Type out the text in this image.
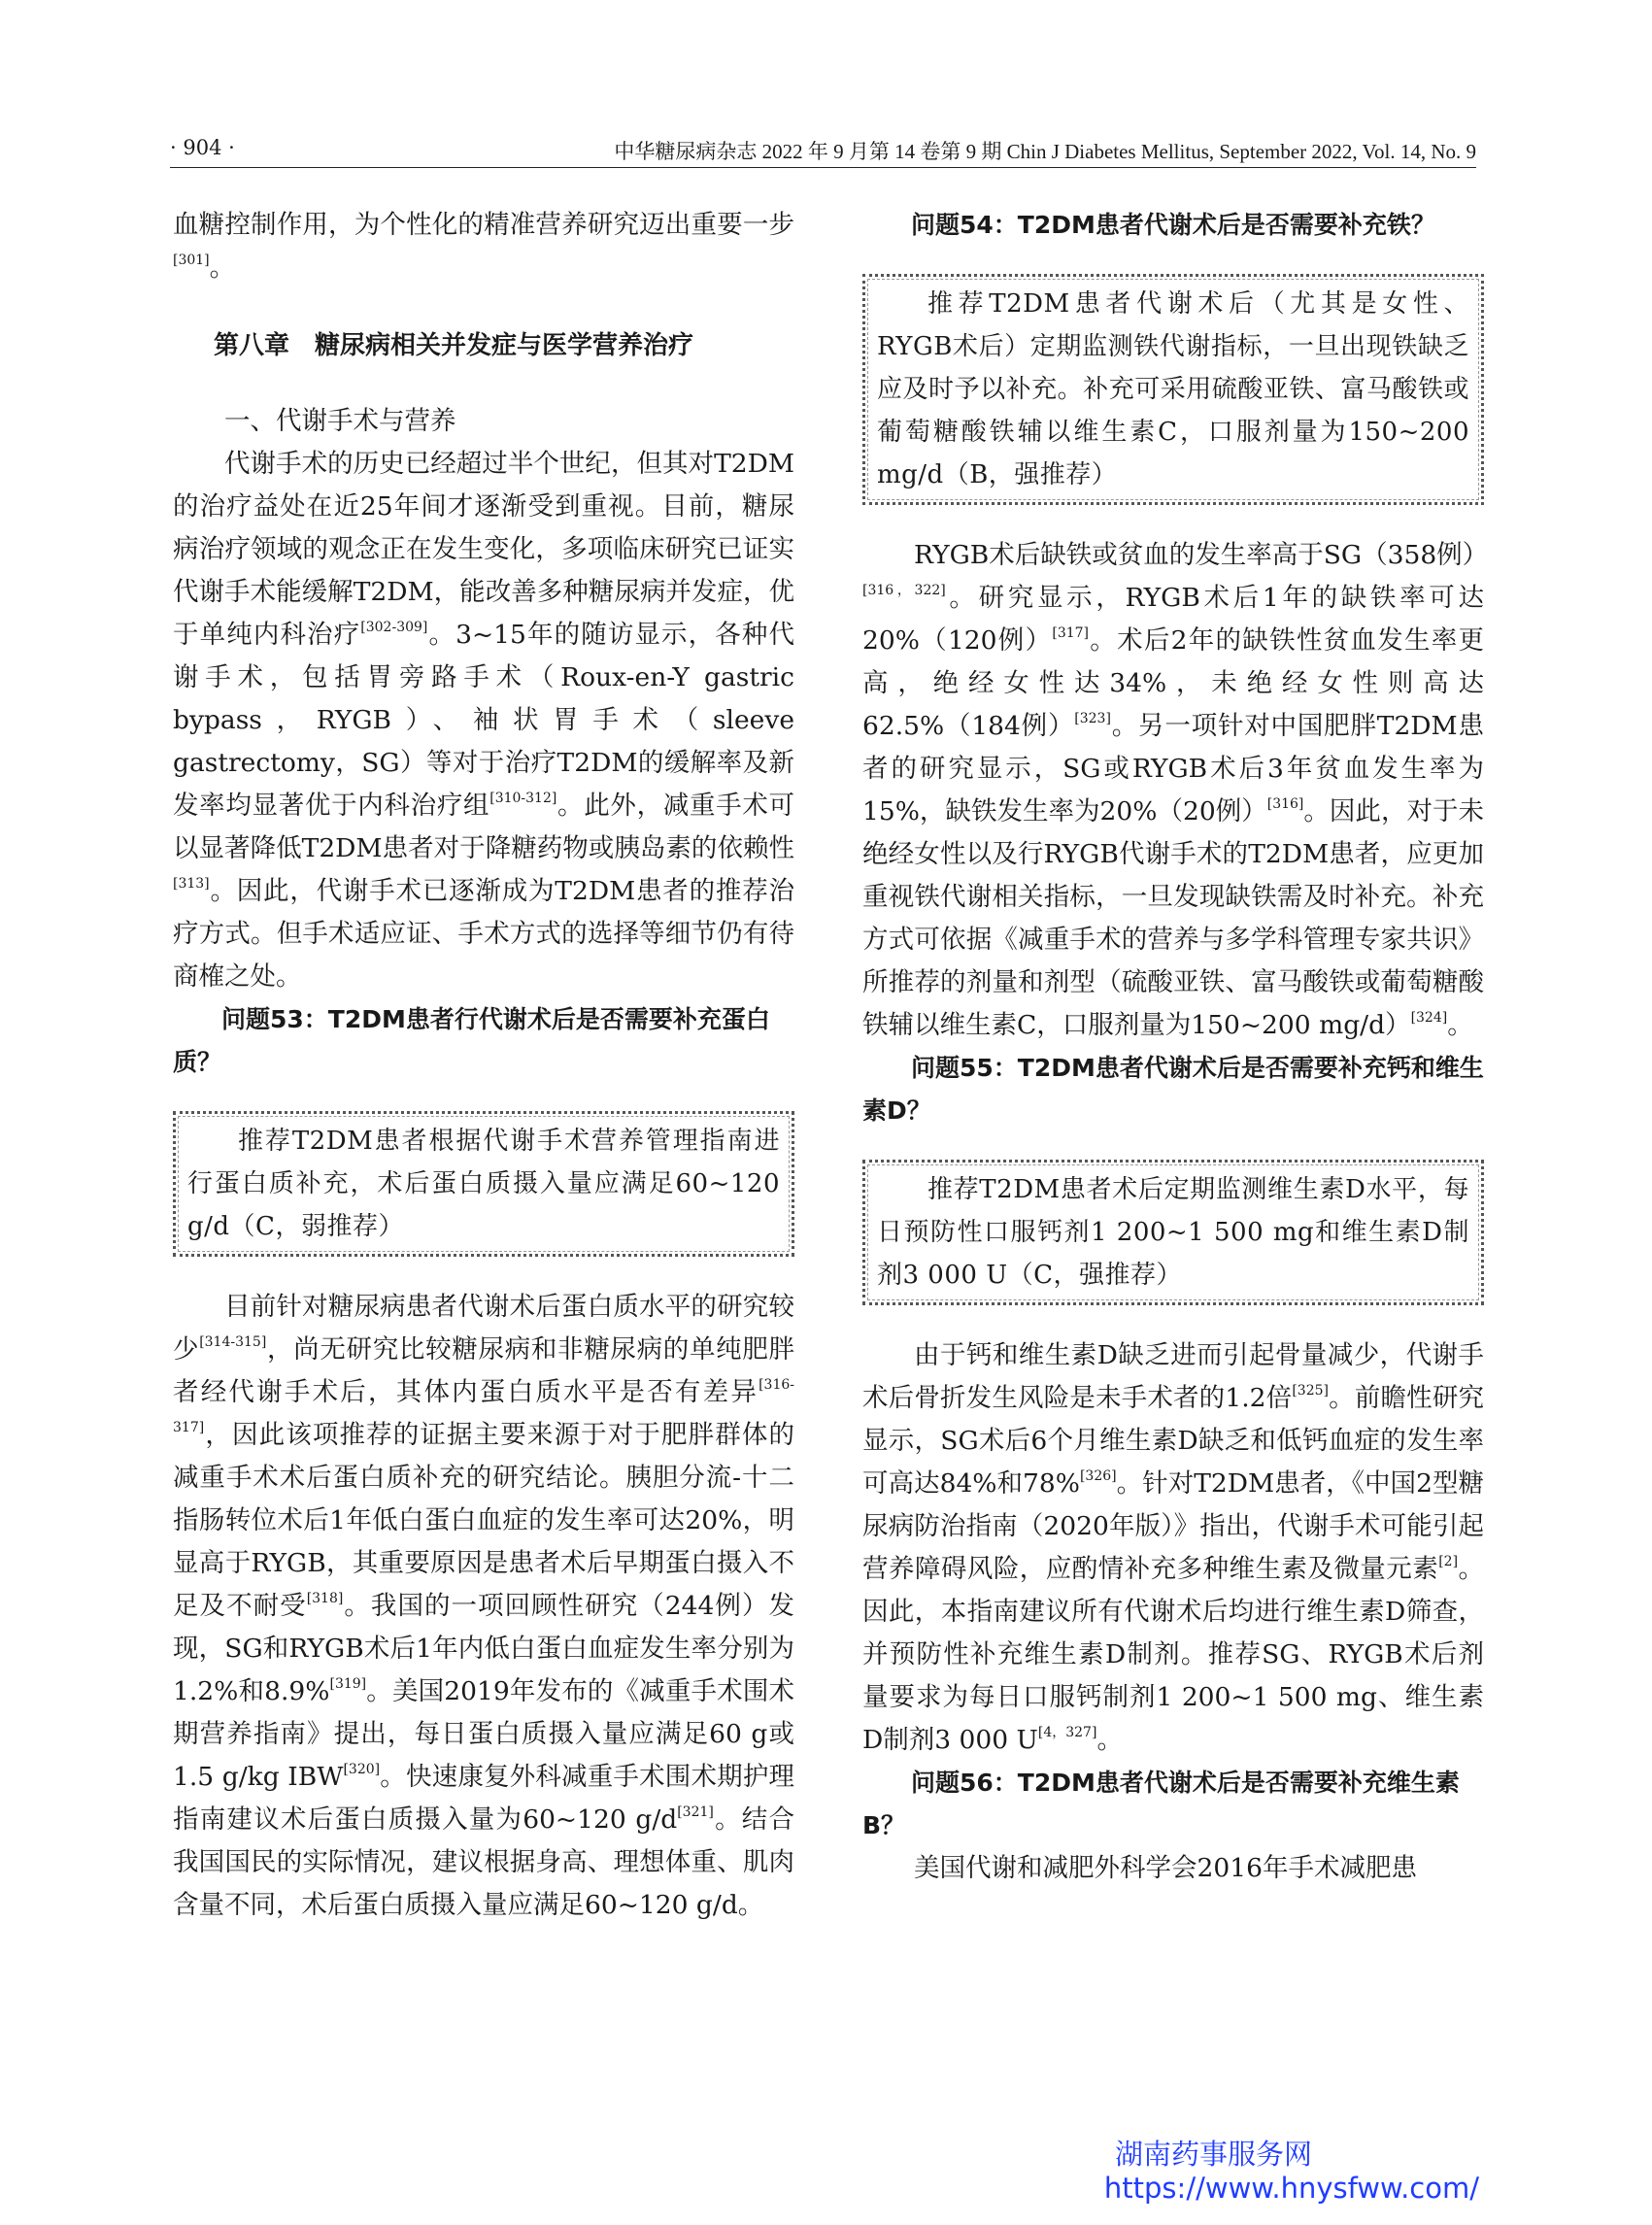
· 904 ·	中华糖尿病杂志 2022 年 9 月第 14 卷第 9 期 Chin J Diabetes Mellitus, September 2022, Vol. 14, No. 9

血糖控制作用，为个性化的精准营养研究迈出重要一步[301]。

第八章　糖尿病相关并发症与医学营养治疗
一、代谢手术与营养

代谢手术的历史已经超过半个世纪，但其对T2DM的治疗益处在近25年间才逐渐受到重视。目前，糖尿病治疗领域的观念正在发生变化，多项临床研究已证实代谢手术能缓解T2DM，能改善多种糖尿病并发症，优于单纯内科治疗[302-309]。3~15年的随访显示，各种代谢手术，包括胃旁路手术（Roux-en-Y gastric bypass，RYGB）、袖状胃手术（sleeve gastrectomy，SG）等对于治疗T2DM的缓解率及新发率均显著优于内科治疗组[310-312]。此外，减重手术可以显著降低T2DM患者对于降糖药物或胰岛素的依赖性[313]。因此，代谢手术已逐渐成为T2DM患者的推荐治疗方式。但手术适应证、手术方式的选择等细节仍有待商榷之处。

问题53：T2DM患者行代谢术后是否需要补充蛋白质？

推荐T2DM患者根据代谢手术营养管理指南进行蛋白质补充，术后蛋白质摄入量应满足60~120 g/d（C，弱推荐）

目前针对糖尿病患者代谢术后蛋白质水平的研究较少[314-315]，尚无研究比较糖尿病和非糖尿病的单纯肥胖者经代谢手术后，其体内蛋白质水平是否有差异[316-317]，因此该项推荐的证据主要来源于对于肥胖群体的减重手术术后蛋白质补充的研究结论。胰胆分流-十二指肠转位术后1年低白蛋白血症的发生率可达20%，明显高于RYGB，其重要原因是患者术后早期蛋白摄入不足及不耐受[318]。我国的一项回顾性研究（244例）发现，SG和RYGB术后1年内低白蛋白血症发生率分别为1.2%和8.9%[319]。美国2019年发布的《减重手术围术期营养指南》提出，每日蛋白质摄入量应满足60 g或1.5 g/kg IBW[320]。快速康复外科减重手术围术期护理指南建议术后蛋白质摄入量为60~120 g/d[321]。结合我国国民的实际情况，建议根据身高、理想体重、肌肉含量不同，术后蛋白质摄入量应满足60~120 g/d。

问题54：T2DM患者代谢术后是否需要补充铁？

推荐T2DM患者代谢术后（尤其是女性、RYGB术后）定期监测铁代谢指标，一旦出现铁缺乏应及时予以补充。补充可采用硫酸亚铁、富马酸铁或葡萄糖酸铁辅以维生素C，口服剂量为150~200 mg/d（B，强推荐）

RYGB术后缺铁或贫血的发生率高于SG（358例）[316，322]。研究显示，RYGB术后1年的缺铁率可达20%（120例）[317]。术后2年的缺铁性贫血发生率更高，绝经女性达34%，未绝经女性则高达62.5%（184例）[323]。另一项针对中国肥胖T2DM患者的研究显示，SG或RYGB术后3年贫血发生率为15%，缺铁发生率为20%（20例）[316]。因此，对于未绝经女性以及行RYGB代谢手术的T2DM患者，应更加重视铁代谢相关指标，一旦发现缺铁需及时补充。补充方式可依据《减重手术的营养与多学科管理专家共识》所推荐的剂量和剂型（硫酸亚铁、富马酸铁或葡萄糖酸铁辅以维生素C，口服剂量为150~200 mg/d）[324]。

问题55：T2DM患者代谢术后是否需要补充钙和维生素D？

推荐T2DM患者术后定期监测维生素D水平，每日预防性口服钙剂1 200~1 500 mg和维生素D制剂3 000 U（C，强推荐）

由于钙和维生素D缺乏进而引起骨量减少，代谢手术后骨折发生风险是未手术者的1.2倍[325]。前瞻性研究显示，SG术后6个月维生素D缺乏和低钙血症的发生率可高达84%和78%[326]。针对T2DM患者，《中国2型糖尿病防治指南（2020年版）》指出，代谢手术可能引起营养障碍风险，应酌情补充多种维生素及微量元素[2]。因此，本指南建议所有代谢术后均进行维生素D筛查，并预防性补充维生素D制剂。推荐SG、RYGB术后剂量要求为每日口服钙制剂1 200~1 500 mg、维生素D制剂3 000 U[4，327]。

问题56：T2DM患者代谢术后是否需要补充维生素B？

美国代谢和减肥外科学会2016年手术减肥患

湖南药事服务网
https://www.hnysfww.com/
